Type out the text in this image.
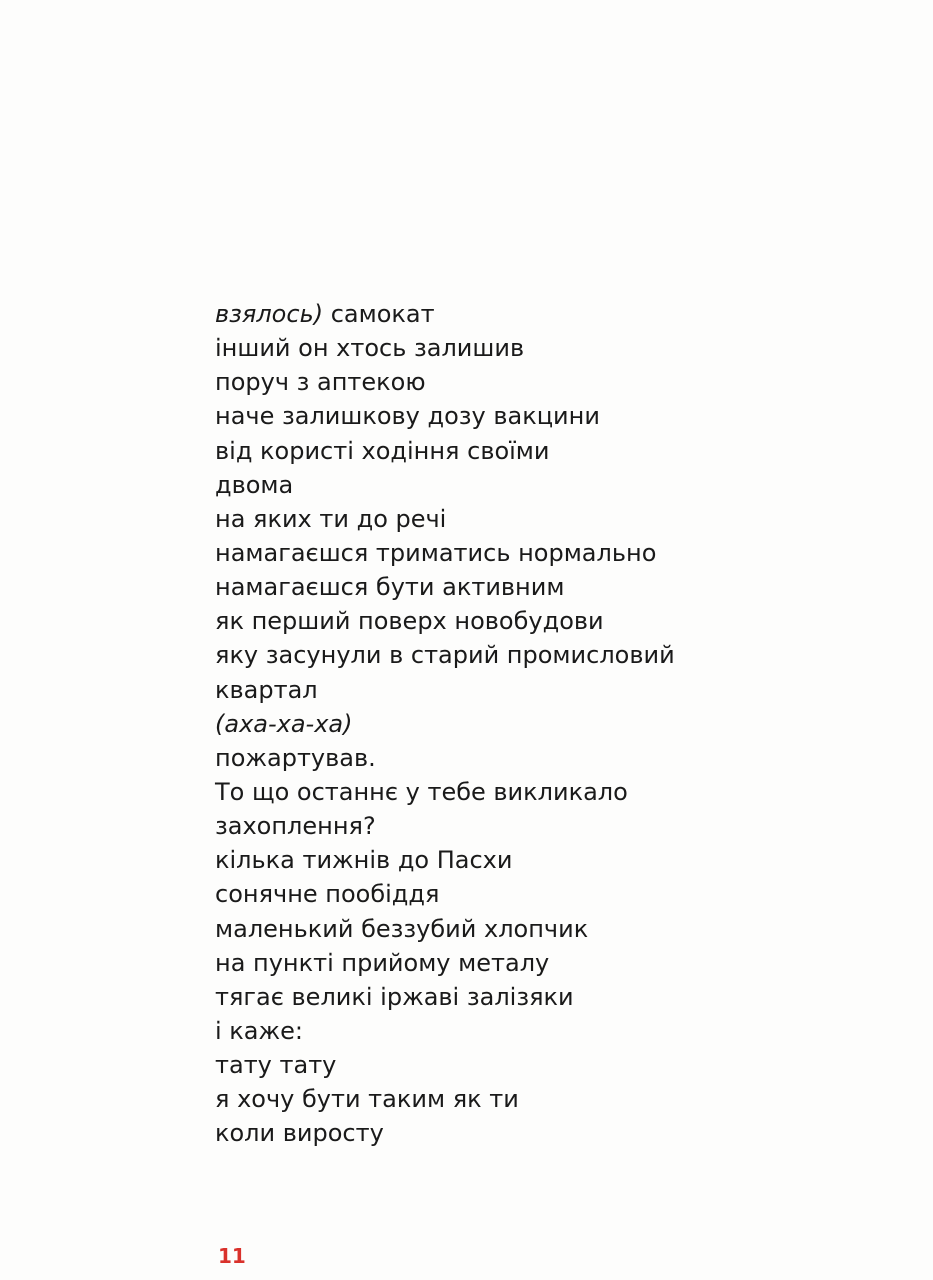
взялось) самокат
інший он хтось залишив
поруч з аптекою
наче залишкову дозу вакцини
від користі ходіння своїми
двома
на яких ти до речі
намагаєшся триматись нормально
намагаєшся бути активним
як перший поверх новобудови
яку засунули в старий промисловий
квартал
(аха-ха-ха)
пожартував.
То що останнє у тебе викликало
захоплення?
кілька тижнів до Пасхи
сонячне пообіддя
маленький беззубий хлопчик
на пункті прийому металу
тягає великі іржаві залізяки
і каже:
тату тату
я хочу бути таким як ти
коли виросту
11
